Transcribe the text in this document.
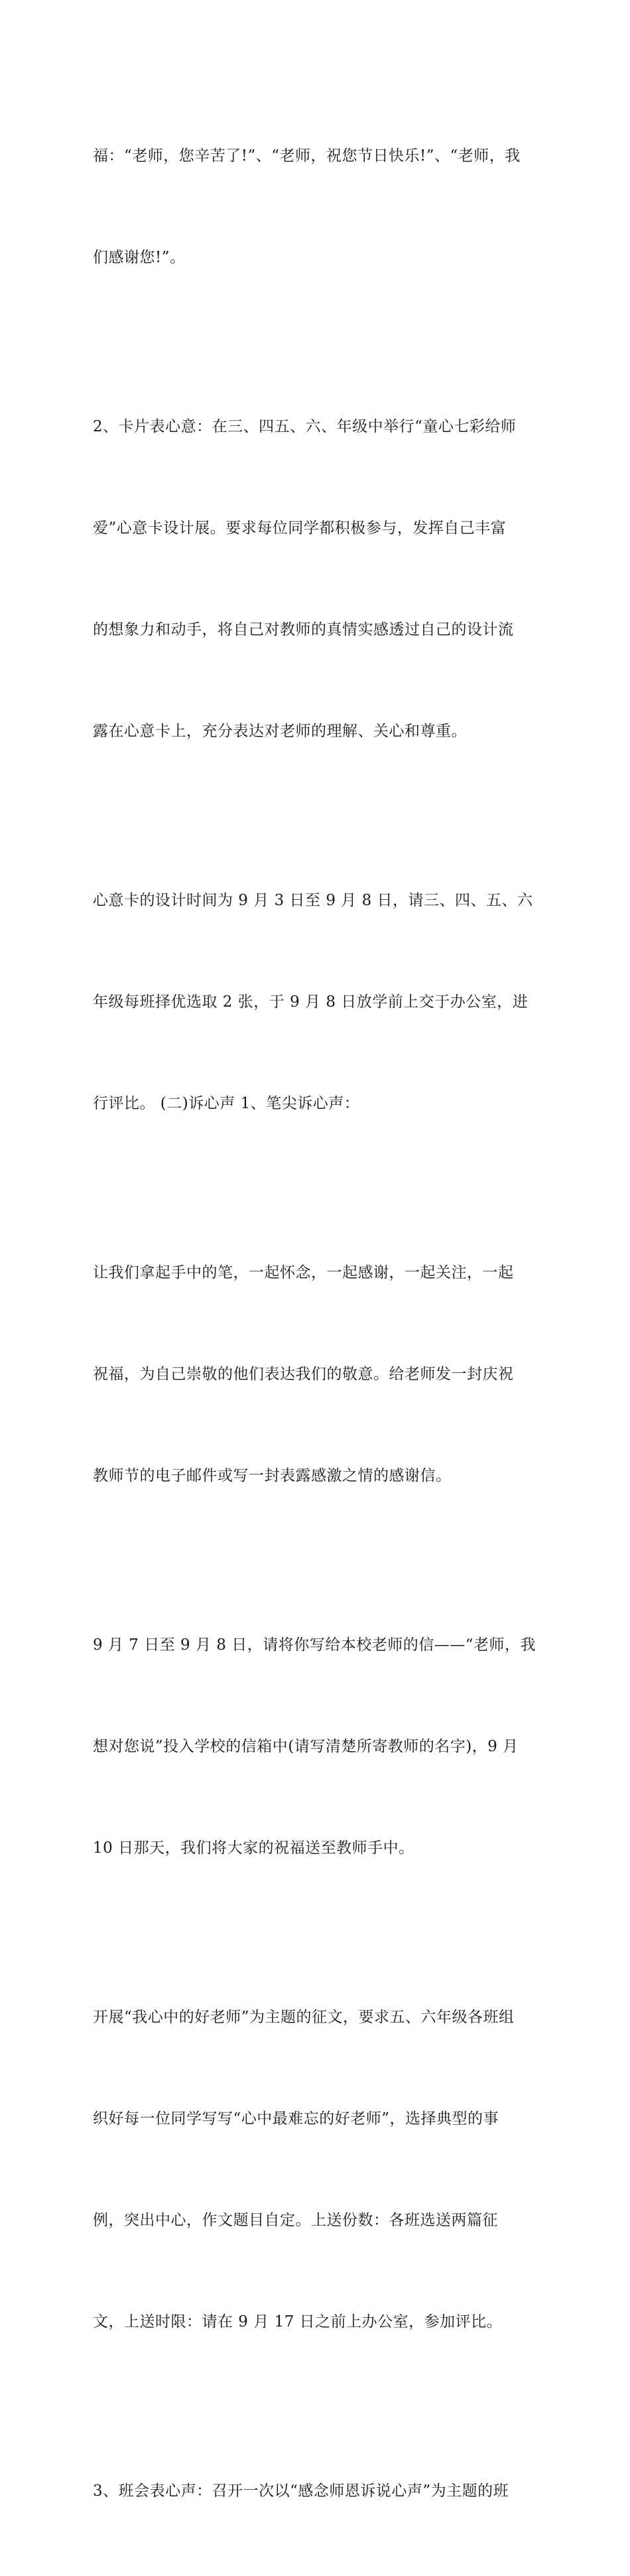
福：“老师，您辛苦了!”、“老师，祝您节日快乐!”、“老师，我

们感谢您!”。

2、卡片表心意：在三、四五、六、年级中举行“童心七彩给师

爱”心意卡设计展。要求每位同学都积极参与，发挥自己丰富

的想象力和动手，将自己对教师的真情实感透过自己的设计流

露在心意卡上，充分表达对老师的理解、关心和尊重。

心意卡的设计时间为 9 月 3 日至 9 月 8 日，请三、四、五、六

年级每班择优选取 2 张，于 9 月 8 日放学前上交于办公室，进

行评比。 (二)诉心声 1、笔尖诉心声：

让我们拿起手中的笔，一起怀念，一起感谢，一起关注，一起

祝福，为自己崇敬的他们表达我们的敬意。给老师发一封庆祝

教师节的电子邮件或写一封表露感激之情的感谢信。

9 月 7 日至 9 月 8 日，请将你写给本校老师的信——“老师，我

想对您说”投入学校的信箱中(请写清楚所寄教师的名字)，9 月

10 日那天，我们将大家的祝福送至教师手中。

开展“我心中的好老师”为主题的征文，要求五、六年级各班组

织好每一位同学写写“心中最难忘的好老师”，选择典型的事

例，突出中心，作文题目自定。上送份数：各班选送两篇征

文，上送时限：请在 9 月 17 日之前上办公室，参加评比。

3、班会表心声：召开一次以“感念师恩诉说心声”为主题的班
